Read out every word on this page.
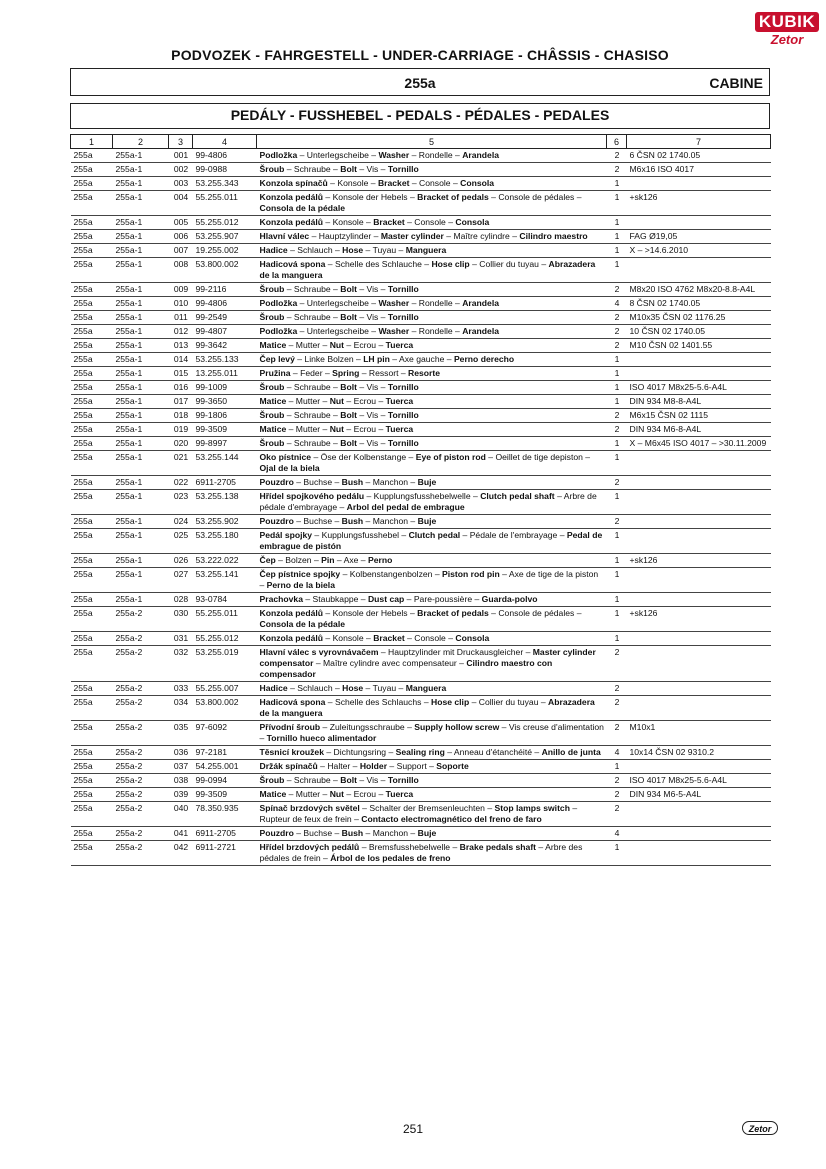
KUBIK
Zetor
PODVOZEK - FAHRGESTELL - UNDER-CARRIAGE - CHÂSSIS - CHASISO
255a	CABINE
PEDÁLY - FUSSHEBEL - PEDALS - PÉDALES - PEDALES
1	2	3	4	5	6	7
255a	255a-1	001	99-4806	Podložka – Unterlegscheibe – Washer – Rondelle – Arandela	2	6 ČSN 02 1740.05
255a	255a-1	002	99-0988	Šroub – Schraube – Bolt – Vis – Tornillo	2	M6x16 ISO 4017
255a	255a-1	003	53.255.343	Konzola spínačů – Konsole – Bracket – Console – Consola	1	
255a	255a-1	004	55.255.011	Konzola pedálů – Konsole der Hebels – Bracket of pedals – Console de pédales – Consola de la pédale	1	+sk126
255a	255a-1	005	55.255.012	Konzola pedálů – Konsole – Bracket – Console – Consola	1	
255a	255a-1	006	53.255.907	Hlavní válec – Hauptzylinder – Master cylinder – Maître cylindre – Cilindro maestro	1	FAG Ø19,05
255a	255a-1	007	19.255.002	Hadice – Schlauch – Hose – Tuyau – Manguera	1	X – >14.6.2010
255a	255a-1	008	53.800.002	Hadicová spona – Schelle des Schlauche – Hose clip – Collier du tuyau – Abrazadera de la manguera	1	
255a	255a-1	009	99-2116	Šroub – Schraube – Bolt – Vis – Tornillo	2	M8x20 ISO 4762 M8x20-8.8-A4L
255a	255a-1	010	99-4806	Podložka – Unterlegscheibe – Washer – Rondelle – Arandela	4	8 ČSN 02 1740.05
255a	255a-1	011	99-2549	Šroub – Schraube – Bolt – Vis – Tornillo	2	M10x35 ČSN 02 1176.25
255a	255a-1	012	99-4807	Podložka – Unterlegscheibe – Washer – Rondelle – Arandela	2	10 ČSN 02 1740.05
255a	255a-1	013	99-3642	Matice – Mutter – Nut – Ecrou – Tuerca	2	M10 ČSN 02 1401.55
255a	255a-1	014	53.255.133	Čep levý – Linke Bolzen – LH pin – Axe gauche – Perno derecho	1	
255a	255a-1	015	13.255.011	Pružina – Feder – Spring – Ressort – Resorte	1	
255a	255a-1	016	99-1009	Šroub – Schraube – Bolt – Vis – Tornillo	1	ISO 4017 M8x25-5.6-A4L
255a	255a-1	017	99-3650	Matice – Mutter – Nut – Ecrou – Tuerca	1	DIN 934 M8-8-A4L
255a	255a-1	018	99-1806	Šroub – Schraube – Bolt – Vis – Tornillo	2	M6x15 ČSN 02 1115
255a	255a-1	019	99-3509	Matice – Mutter – Nut – Ecrou – Tuerca	2	DIN 934 M6-8-A4L
255a	255a-1	020	99-8997	Šroub – Schraube – Bolt – Vis – Tornillo	1	X – M6x45 ISO 4017 – >30.11.2009
255a	255a-1	021	53.255.144	Oko pístnice – Öse der Kolbenstange – Eye of piston rod – Oeillet de tige depiston – Ojal de la biela	1	
255a	255a-1	022	6911-2705	Pouzdro – Buchse – Bush – Manchon – Buje	2	
255a	255a-1	023	53.255.138	Hřídel spojkového pedálu – Kupplungsfusshebelwelle – Clutch pedal shaft – Arbre de pédale d'embrayage – Arbol del pedal de embrague	1	
255a	255a-1	024	53.255.902	Pouzdro – Buchse – Bush – Manchon – Buje	2	
255a	255a-1	025	53.255.180	Pedál spojky – Kupplungsfusshebel – Clutch pedal – Pédale de l'embrayage – Pedal de embrague de pistón	1	
255a	255a-1	026	53.222.022	Čep – Bolzen – Pin – Axe – Perno	1	+sk126
255a	255a-1	027	53.255.141	Čep pístnice spojky – Kolbenstangenbolzen – Piston rod pin – Axe de tige de la piston – Perno de la biela	1	
255a	255a-1	028	93-0784	Prachovka – Staubkappe – Dust cap – Pare-poussière – Guarda-polvo	1	
255a	255a-2	030	55.255.011	Konzola pedálů – Konsole der Hebels – Bracket of pedals – Console de pédales – Consola de la pédale	1	+sk126
255a	255a-2	031	55.255.012	Konzola pedálů – Konsole – Bracket – Console – Consola	1	
255a	255a-2	032	53.255.019	Hlavní válec s vyrovnávačem – Hauptzylinder mit Druckausgleicher – Master cylinder compensator – Maître cylindre avec compensateur – Cilindro maestro con compensador	2	
255a	255a-2	033	55.255.007	Hadice – Schlauch – Hose – Tuyau – Manguera	2	
255a	255a-2	034	53.800.002	Hadicová spona – Schelle des Schlauchs – Hose clip – Collier du tuyau – Abrazadera de la manguera	2	
255a	255a-2	035	97-6092	Přívodní šroub – Zuleitungsschraube – Supply hollow screw – Vis creuse d'alimentation – Tornillo hueco alimentador	2	M10x1
255a	255a-2	036	97-2181	Těsnicí kroužek – Dichtungsring – Sealing ring – Anneau d'étanchéité – Anillo de junta	4	10x14 ČSN 02 9310.2
255a	255a-2	037	54.255.001	Držák spínačů – Halter – Holder – Support – Soporte	1	
255a	255a-2	038	99-0994	Šroub – Schraube – Bolt – Vis – Tornillo	2	ISO 4017 M8x25-5.6-A4L
255a	255a-2	039	99-3509	Matice – Mutter – Nut – Ecrou – Tuerca	2	DIN 934 M6-5-A4L
255a	255a-2	040	78.350.935	Spínač brzdových světel – Schalter der Bremsenleuchten – Stop lamps switch – Rupteur de feux de frein – Contacto electromagnético del freno de faro	2	
255a	255a-2	041	6911-2705	Pouzdro – Buchse – Bush – Manchon – Buje	4	
255a	255a-2	042	6911-2721	Hřídel brzdových pedálů – Bremsfusshebelwelle – Brake pedals shaft – Arbre des pédales de frein – Árbol de los pedales de freno	1	
251	Zetor
